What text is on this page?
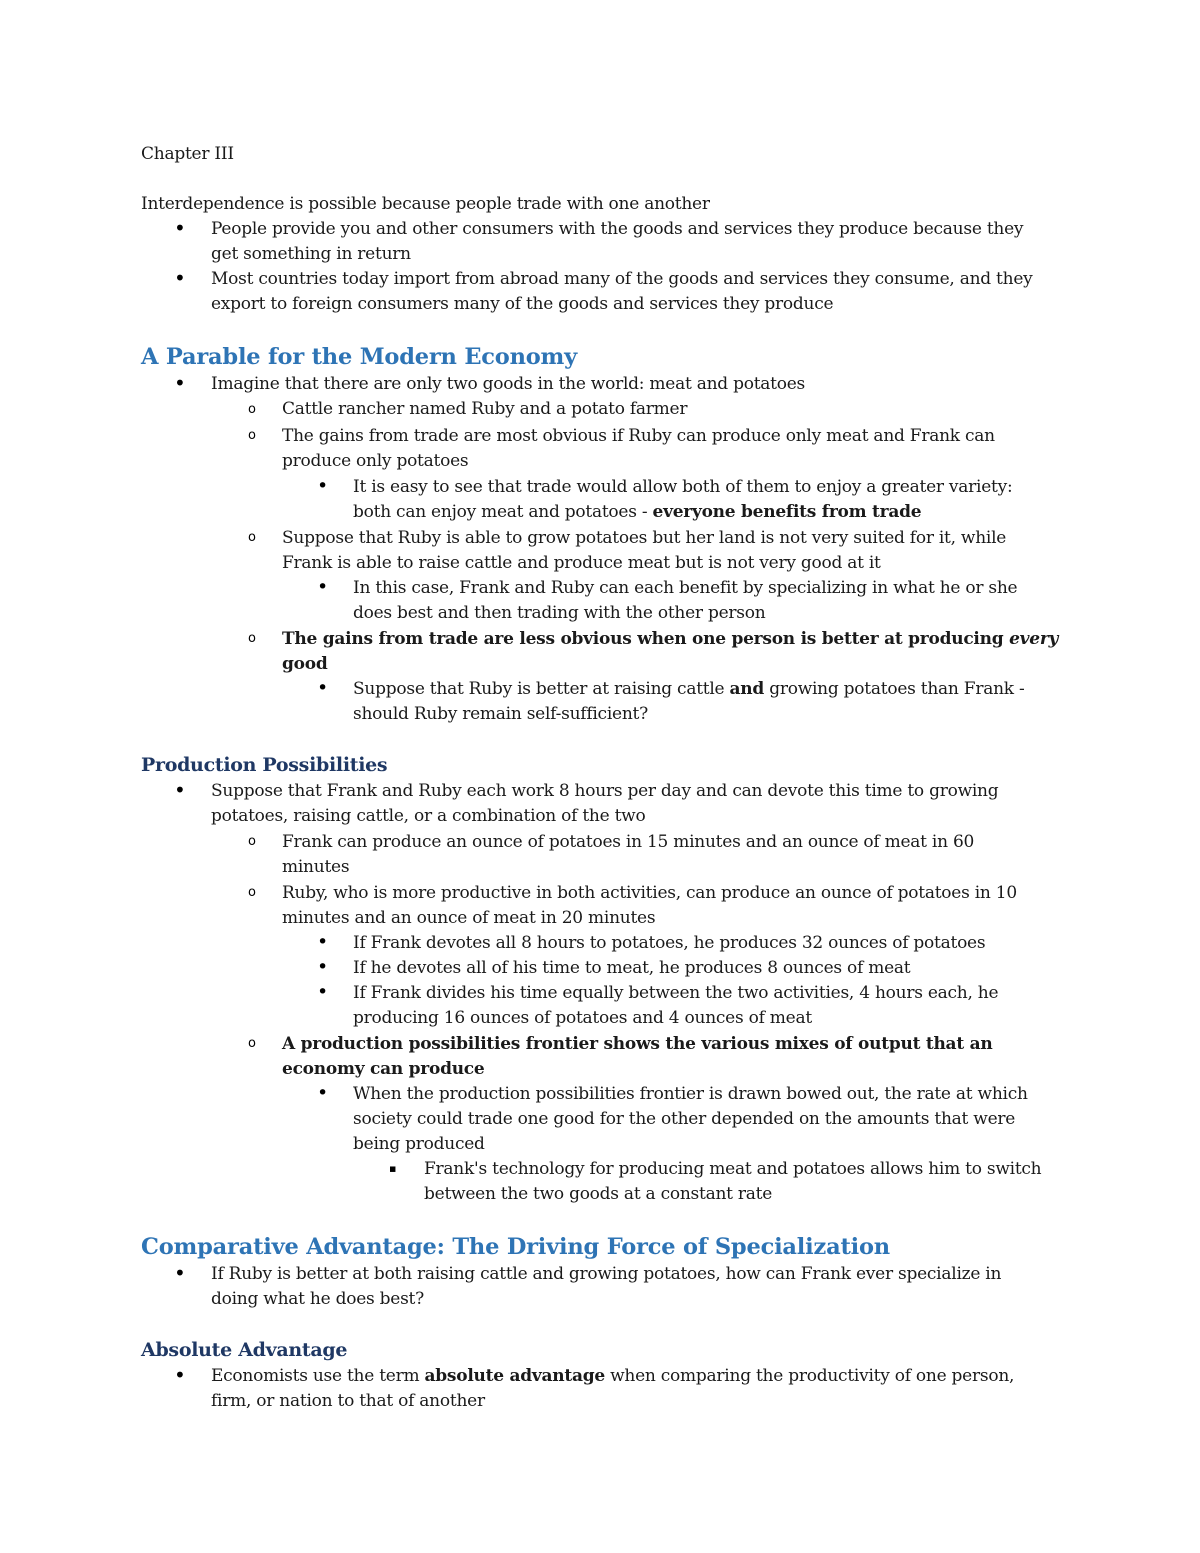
Chapter III
Interdependence is possible because people trade with one another
• People provide you and other consumers with the goods and services they produce because they
get something in return
• Most countries today import from abroad many of the goods and services they consume, and they
export to foreign consumers many of the goods and services they produce
A Parable for the Modern Economy
• Imagine that there are only two goods in the world: meat and potatoes
o Cattle rancher named Ruby and a potato farmer
o The gains from trade are most obvious if Ruby can produce only meat and Frank can
produce only potatoes
• It is easy to see that trade would allow both of them to enjoy a greater variety:
both can enjoy meat and potatoes - everyone benefits from trade
o Suppose that Ruby is able to grow potatoes but her land is not very suited for it, while
Frank is able to raise cattle and produce meat but is not very good at it
• In this case, Frank and Ruby can each benefit by specializing in what he or she
does best and then trading with the other person
o The gains from trade are less obvious when one person is better at producing every
good
• Suppose that Ruby is better at raising cattle and growing potatoes than Frank -
should Ruby remain self-sufficient?
Production Possibilities
• Suppose that Frank and Ruby each work 8 hours per day and can devote this time to growing
potatoes, raising cattle, or a combination of the two
o Frank can produce an ounce of potatoes in 15 minutes and an ounce of meat in 60
minutes
o Ruby, who is more productive in both activities, can produce an ounce of potatoes in 10
minutes and an ounce of meat in 20 minutes
• If Frank devotes all 8 hours to potatoes, he produces 32 ounces of potatoes
• If he devotes all of his time to meat, he produces 8 ounces of meat
• If Frank divides his time equally between the two activities, 4 hours each, he
producing 16 ounces of potatoes and 4 ounces of meat
o A production possibilities frontier shows the various mixes of output that an
economy can produce
• When the production possibilities frontier is drawn bowed out, the rate at which
society could trade one good for the other depended on the amounts that were
being produced
▪ Frank's technology for producing meat and potatoes allows him to switch
between the two goods at a constant rate
Comparative Advantage: The Driving Force of Specialization
• If Ruby is better at both raising cattle and growing potatoes, how can Frank ever specialize in
doing what he does best?
Absolute Advantage
• Economists use the term absolute advantage when comparing the productivity of one person,
firm, or nation to that of another
